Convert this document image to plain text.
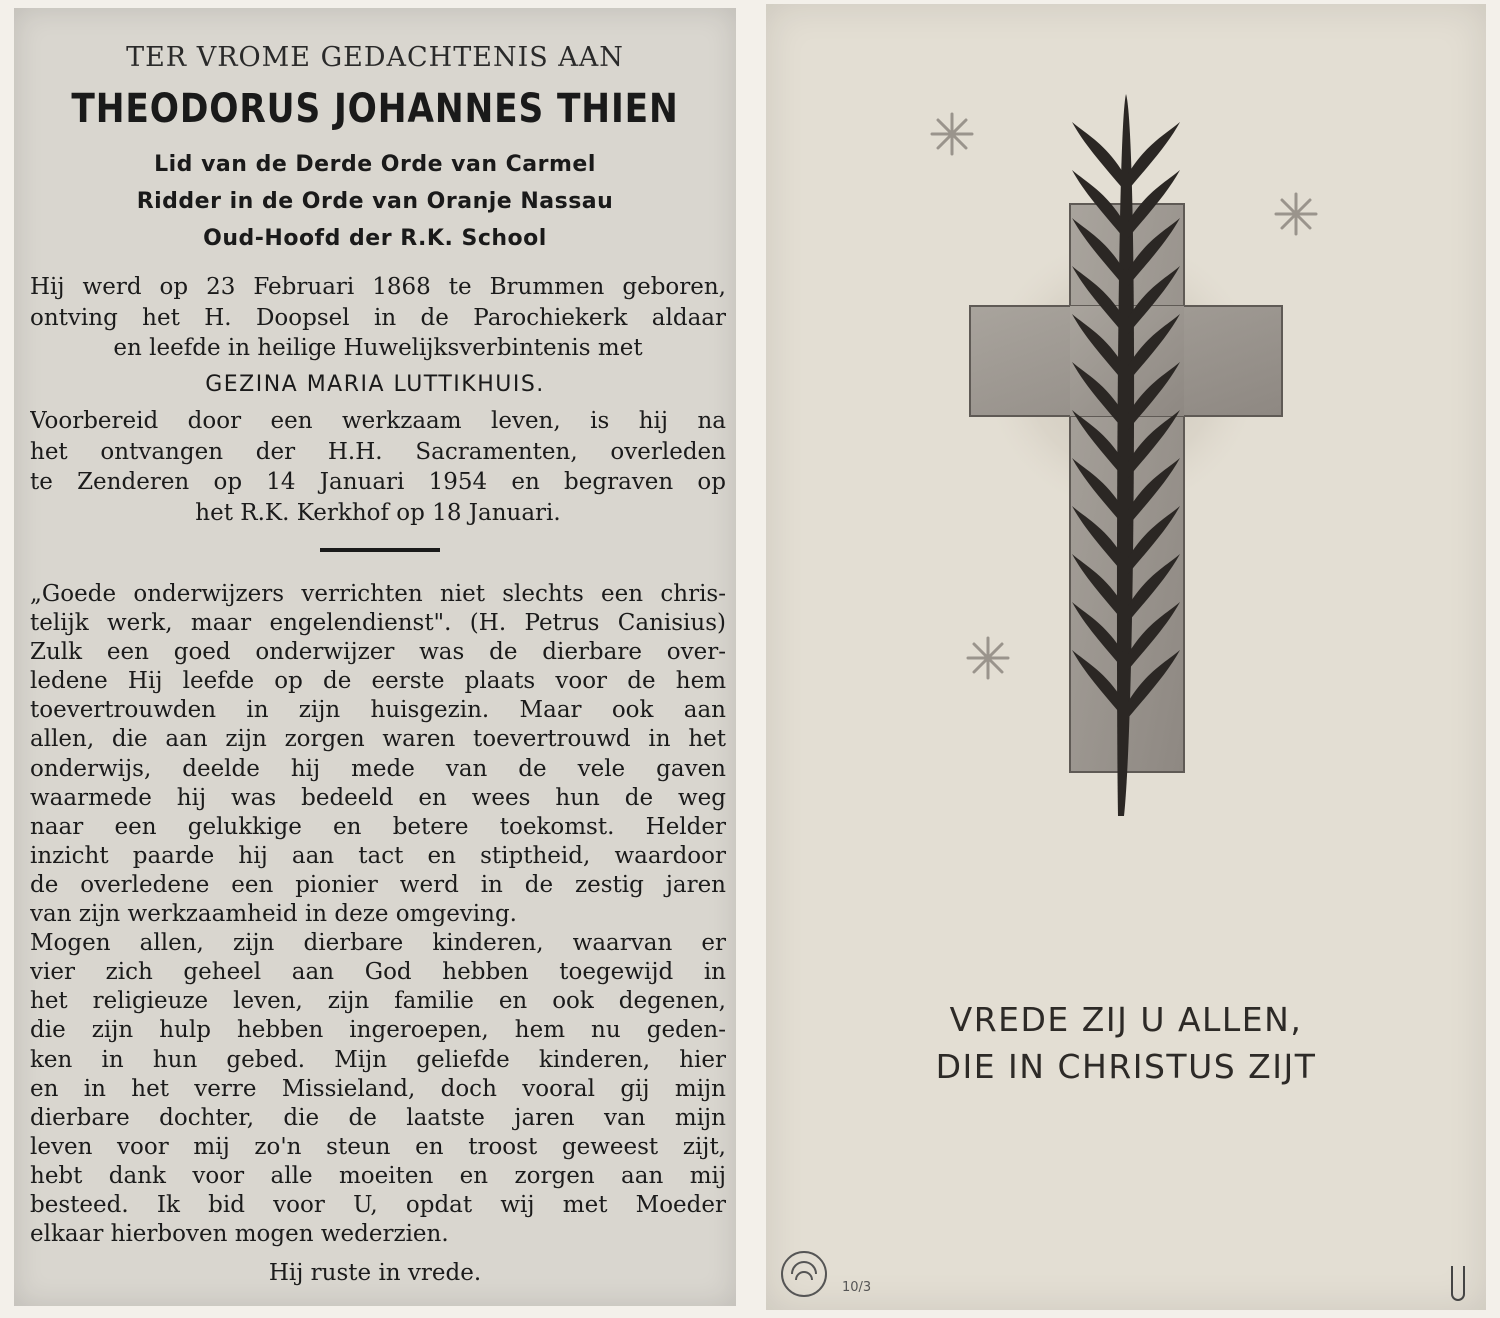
TER VROME GEDACHTENIS AAN
THEODORUS JOHANNES THIEN
Lid van de Derde Orde van Carmel
Ridder in de Orde van Oranje Nassau
Oud-Hoofd der R.K. School
Hij werd op 23 Februari 1868 te Brummen geboren,
ontving het H. Doopsel in de Parochiekerk aldaar
en leefde in heilige Huwelijksverbintenis met
GEZINA MARIA LUTTIKHUIS.
Voorbereid door een werkzaam leven, is hij na
het ontvangen der H.H. Sacramenten, overleden
te Zenderen op 14 Januari 1954 en begraven op
het R.K. Kerkhof op 18 Januari.
„Goede onderwijzers verrichten niet slechts een chris-
telijk werk, maar engelendienst". (H. Petrus Canisius)
Zulk een goed onderwijzer was de dierbare over-
ledene Hij leefde op de eerste plaats voor de hem
toevertrouwden in zijn huisgezin. Maar ook aan
allen, die aan zijn zorgen waren toevertrouwd in het
onderwijs, deelde hij mede van de vele gaven
waarmede hij was bedeeld en wees hun de weg
naar een gelukkige en betere toekomst. Helder
inzicht paarde hij aan tact en stiptheid, waardoor
de overledene een pionier werd in de zestig jaren
van zijn werkzaamheid in deze omgeving.
Mogen allen, zijn dierbare kinderen, waarvan er
vier zich geheel aan God hebben toegewijd in
het religieuze leven, zijn familie en ook degenen,
die zijn hulp hebben ingeroepen, hem nu geden-
ken in hun gebed. Mijn geliefde kinderen, hier
en in het verre Missieland, doch vooral gij mijn
dierbare dochter, die de laatste jaren van mijn
leven voor mij zo'n steun en troost geweest zijt,
hebt dank voor alle moeiten en zorgen aan mij
besteed. Ik bid voor U, opdat wij met Moeder
elkaar hierboven mogen wederzien.
Hij ruste in vrede.
VREDE ZIJ U ALLEN,
DIE IN CHRISTUS ZIJT
10/3
